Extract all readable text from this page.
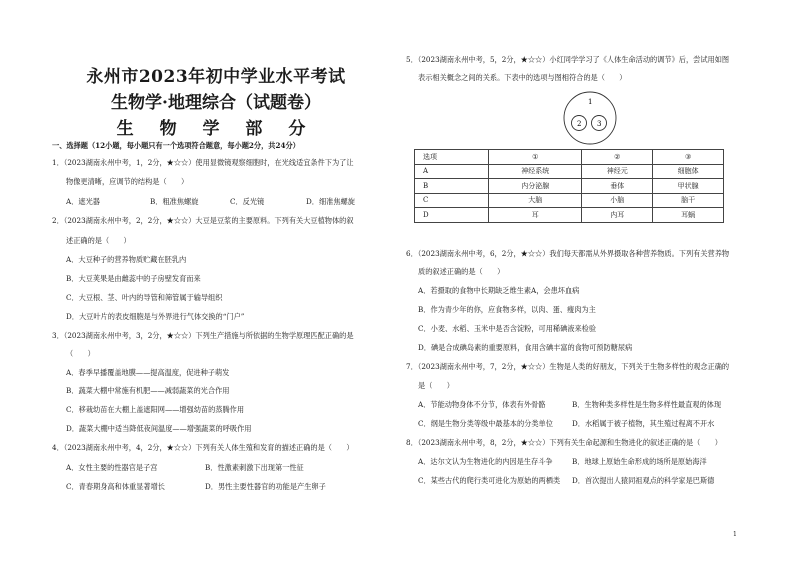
永州市2023年初中学业水平考试
生物学·地理综合（试题卷）
生 物 学 部 分
一、选择题（12小题，每小题只有一个选项符合题意，每小题2分，共24分）
1．（2023湖南永州中考，1，2分，★☆☆）使用显微镜观察细胞时，在光线适宜条件下为了让
物像更清晰，应调节的结构是（　　）
A．遮光器	B．粗准焦螺旋	C．反光镜	D．细准焦螺旋
2．（2023湖南永州中考，2，2分，★☆☆）大豆是豆浆的主要原料。下列有关大豆植物体的叙
述正确的是（　　）
A．大豆种子的营养物质贮藏在胚乳内
B．大豆荚果是由雌蕊中的子房壁发育而来
C．大豆根、茎、叶内的导管和筛管属于输导组织
D．大豆叶片的表皮细胞是与外界进行气体交换的“门户”
3．（2023湖南永州中考，3，2分，★☆☆）下列生产措施与所依据的生物学原理匹配正确的是
（　　）
A．春季早播覆盖地膜——提高温度，促进种子萌发
B．蔬菜大棚中常施有机肥——减弱蔬菜的光合作用
C．移栽幼苗在大棚上盖遮阳网——增强幼苗的蒸腾作用
D．蔬菜大棚中适当降低夜间温度——增强蔬菜的呼吸作用
4．（2023湖南永州中考，4，2分，★☆☆）下列有关人体生殖和发育的描述正确的是（　　）
A．女性主要的性器官是子宫	B．性激素刺激下出现第一性征
C．青春期身高和体重显著增长	D．男性主要性器官的功能是产生卵子
5．（2023湖南永州中考，5，2分，★☆☆）小红同学学习了《人体生命活动的调节》后，尝试用如图
表示相关概念之间的关系。下表中的选项与图相符合的是（　　）
1
2 3
选项	①	②	③
A	神经系统	神经元	细胞体
B	内分泌腺	垂体	甲状腺
C	大脑	小脑	脑干
D	耳	内耳	耳蜗
6．（2023湖南永州中考，6，2分，★☆☆）我们每天都需从外界摄取各种营养物质。下列有关营养物
质的叙述正确的是（　　）
A．若摄取的食物中长期缺乏维生素A，会患坏血病
B．作为青少年的你，应食物多样，以肉、蛋、瘦肉为主
C．小麦、水稻、玉米中是否含淀粉，可用稀碘液来检验
D．碘是合成碘岛素的重要原料，食用含碘丰富的食物可预防糖尿病
7．（2023湖南永州中考，7，2分，★☆☆）生物是人类的好朋友，下列关于生物多样性的观念正确的
是（　　）
A．节能动物身体不分节，体表有外骨骼	B．生物种类多样性是生物多样性最直观的体现
C．纲是生物分类等级中最基本的分类单位	D．水稻属于被子植物，其生殖过程离不开水
8．（2023湖南永州中考，8，2分，★☆☆）下列有关生命起源和生物进化的叙述正确的是（　　）
A．达尔文认为生物进化的内因是生存斗争	B．地球上原始生命形成的场所是原始海洋
C．某些古代的爬行类可进化为原始的两栖类 D．首次提出人猿同祖观点的科学家是巴斯德
1
